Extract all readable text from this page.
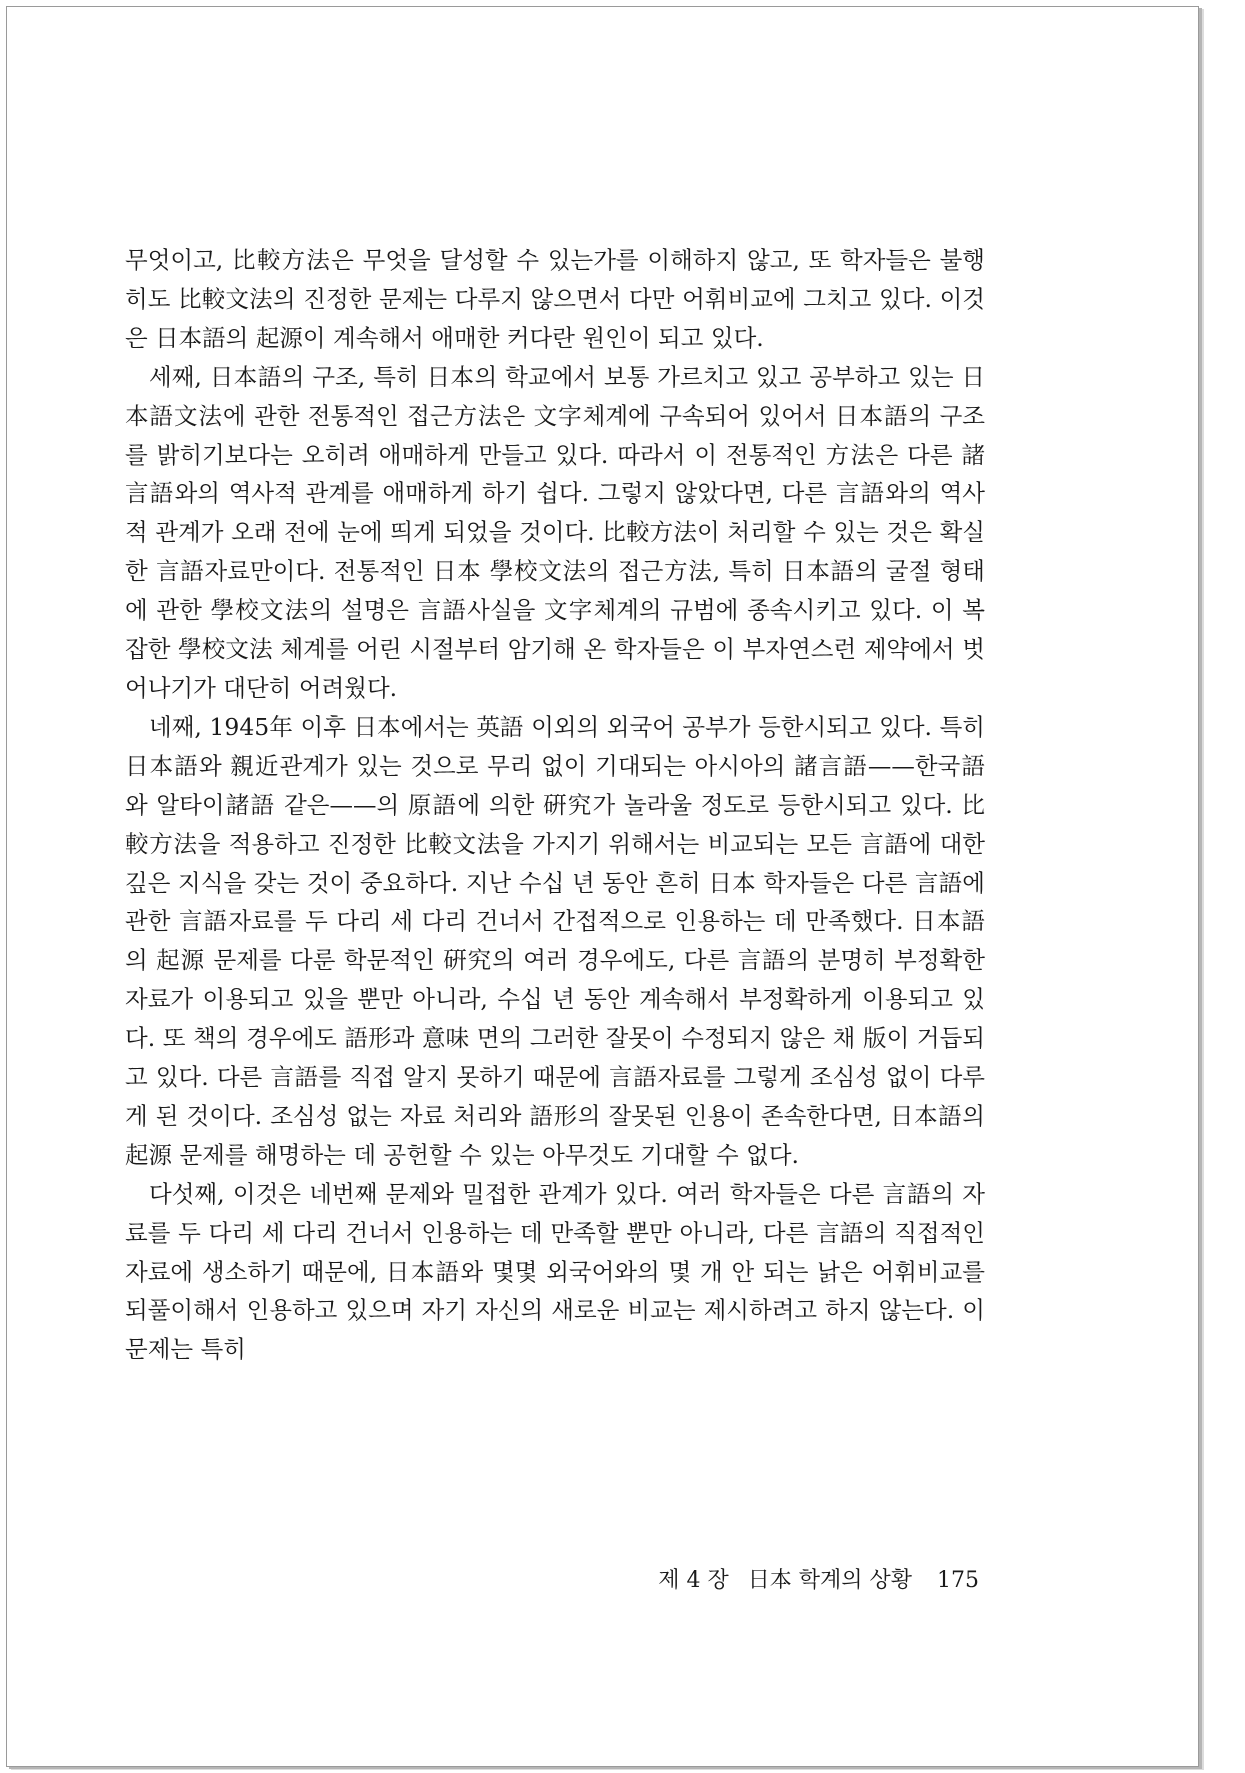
무엇이고, 比較方法은 무엇을 달성할 수 있는가를 이해하지 않고, 또 학자들은 불행히도 比較文法의 진정한 문제는 다루지 않으면서 다만 어휘비교에 그치고 있다. 이것은 日本語의 起源이 계속해서 애매한 커다란 원인이 되고 있다.

세째, 日本語의 구조, 특히 日本의 학교에서 보통 가르치고 있고 공부하고 있는 日本語文法에 관한 전통적인 접근方法은 文字체계에 구속되어 있어서 日本語의 구조를 밝히기보다는 오히려 애매하게 만들고 있다. 따라서 이 전통적인 方法은 다른 諸言語와의 역사적 관계를 애매하게 하기 쉽다. 그렇지 않았다면, 다른 言語와의 역사적 관계가 오래 전에 눈에 띄게 되었을 것이다. 比較方法이 처리할 수 있는 것은 확실한 言語자료만이다. 전통적인 日本 學校文法의 접근方法, 특히 日本語의 굴절 형태에 관한 學校文法의 설명은 言語사실을 文字체계의 규범에 종속시키고 있다. 이 복잡한 學校文法 체계를 어린 시절부터 암기해 온 학자들은 이 부자연스런 제약에서 벗어나기가 대단히 어려웠다.

네째, 1945年 이후 日本에서는 英語 이외의 외국어 공부가 등한시되고 있다. 특히 日本語와 親近관계가 있는 것으로 무리 없이 기대되는 아시아의 諸言語——한국語와 알타이諸語 같은——의 原語에 의한 硏究가 놀라울 정도로 등한시되고 있다. 比較方法을 적용하고 진정한 比較文法을 가지기 위해서는 비교되는 모든 言語에 대한 깊은 지식을 갖는 것이 중요하다. 지난 수십 년 동안 흔히 日本 학자들은 다른 言語에 관한 言語자료를 두 다리 세 다리 건너서 간접적으로 인용하는 데 만족했다. 日本語의 起源 문제를 다룬 학문적인 硏究의 여러 경우에도, 다른 言語의 분명히 부정확한 자료가 이용되고 있을 뿐만 아니라, 수십 년 동안 계속해서 부정확하게 이용되고 있다. 또 책의 경우에도 語形과 意味 면의 그러한 잘못이 수정되지 않은 채 版이 거듭되고 있다. 다른 言語를 직접 알지 못하기 때문에 言語자료를 그렇게 조심성 없이 다루게 된 것이다. 조심성 없는 자료 처리와 語形의 잘못된 인용이 존속한다면, 日本語의 起源 문제를 해명하는 데 공헌할 수 있는 아무것도 기대할 수 없다.

다섯째, 이것은 네번째 문제와 밀접한 관계가 있다. 여러 학자들은 다른 言語의 자료를 두 다리 세 다리 건너서 인용하는 데 만족할 뿐만 아니라, 다른 言語의 직접적인 자료에 생소하기 때문에, 日本語와 몇몇 외국어와의 몇 개 안 되는 낡은 어휘비교를 되풀이해서 인용하고 있으며 자기 자신의 새로운 비교는 제시하려고 하지 않는다. 이 문제는 특히

제 4 장 日本 학계의 상황 175
